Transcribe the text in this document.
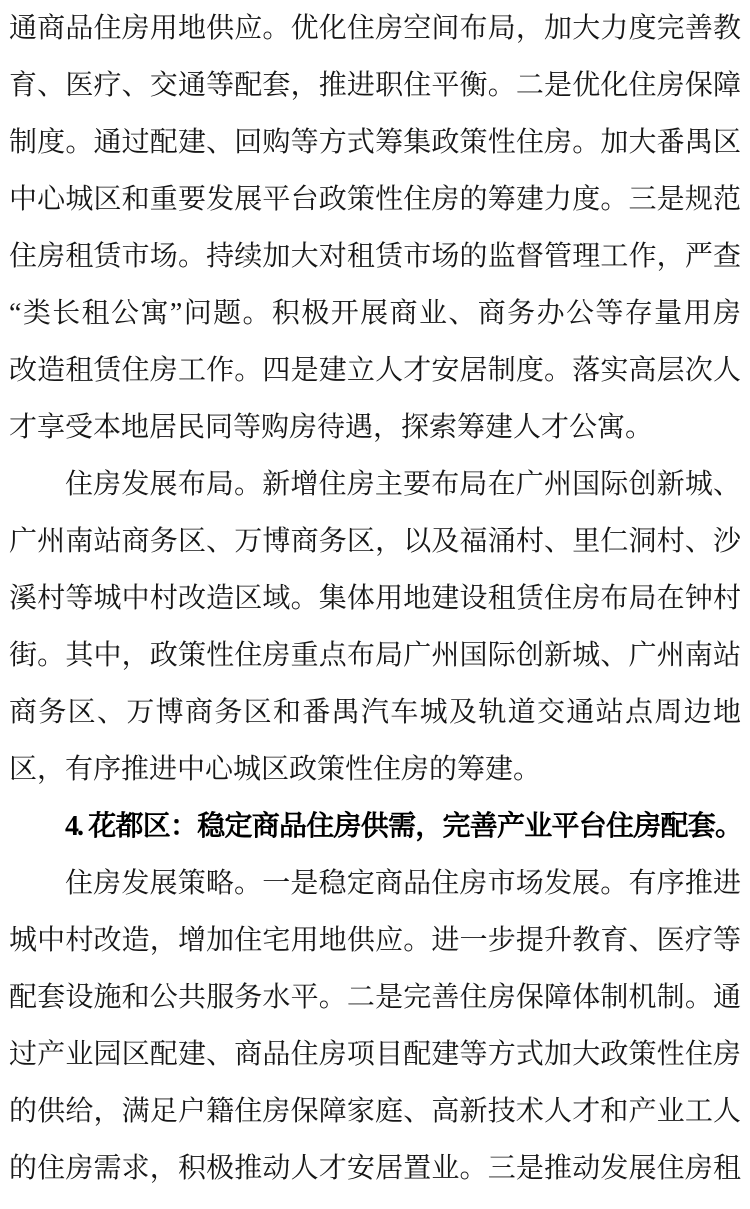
通商品住房用地供应。优化住房空间布局，加大力度完善教
育、医疗、交通等配套，推进职住平衡。二是优化住房保障
制度。通过配建、回购等方式筹集政策性住房。加大番禺区
中心城区和重要发展平台政策性住房的筹建力度。三是规范
住房租赁市场。持续加大对租赁市场的监督管理工作，严查
“类长租公寓”问题。积极开展商业、商务办公等存量用房
改造租赁住房工作。四是建立人才安居制度。落实高层次人
才享受本地居民同等购房待遇，探索筹建人才公寓。
住房发展布局。新增住房主要布局在广州国际创新城、
广州南站商务区、万博商务区，以及福涌村、里仁洞村、沙
溪村等城中村改造区域。集体用地建设租赁住房布局在钟村
街。其中，政策性住房重点布局广州国际创新城、广州南站
商务区、万博商务区和番禺汽车城及轨道交通站点周边地
区，有序推进中心城区政策性住房的筹建。
4. 花都区：稳定商品住房供需，完善产业平台住房配套。
住房发展策略。一是稳定商品住房市场发展。有序推进
城中村改造，增加住宅用地供应。进一步提升教育、医疗等
配套设施和公共服务水平。二是完善住房保障体制机制。通
过产业园区配建、商品住房项目配建等方式加大政策性住房
的供给，满足户籍住房保障家庭、高新技术人才和产业工人
的住房需求，积极推动人才安居置业。三是推动发展住房租
